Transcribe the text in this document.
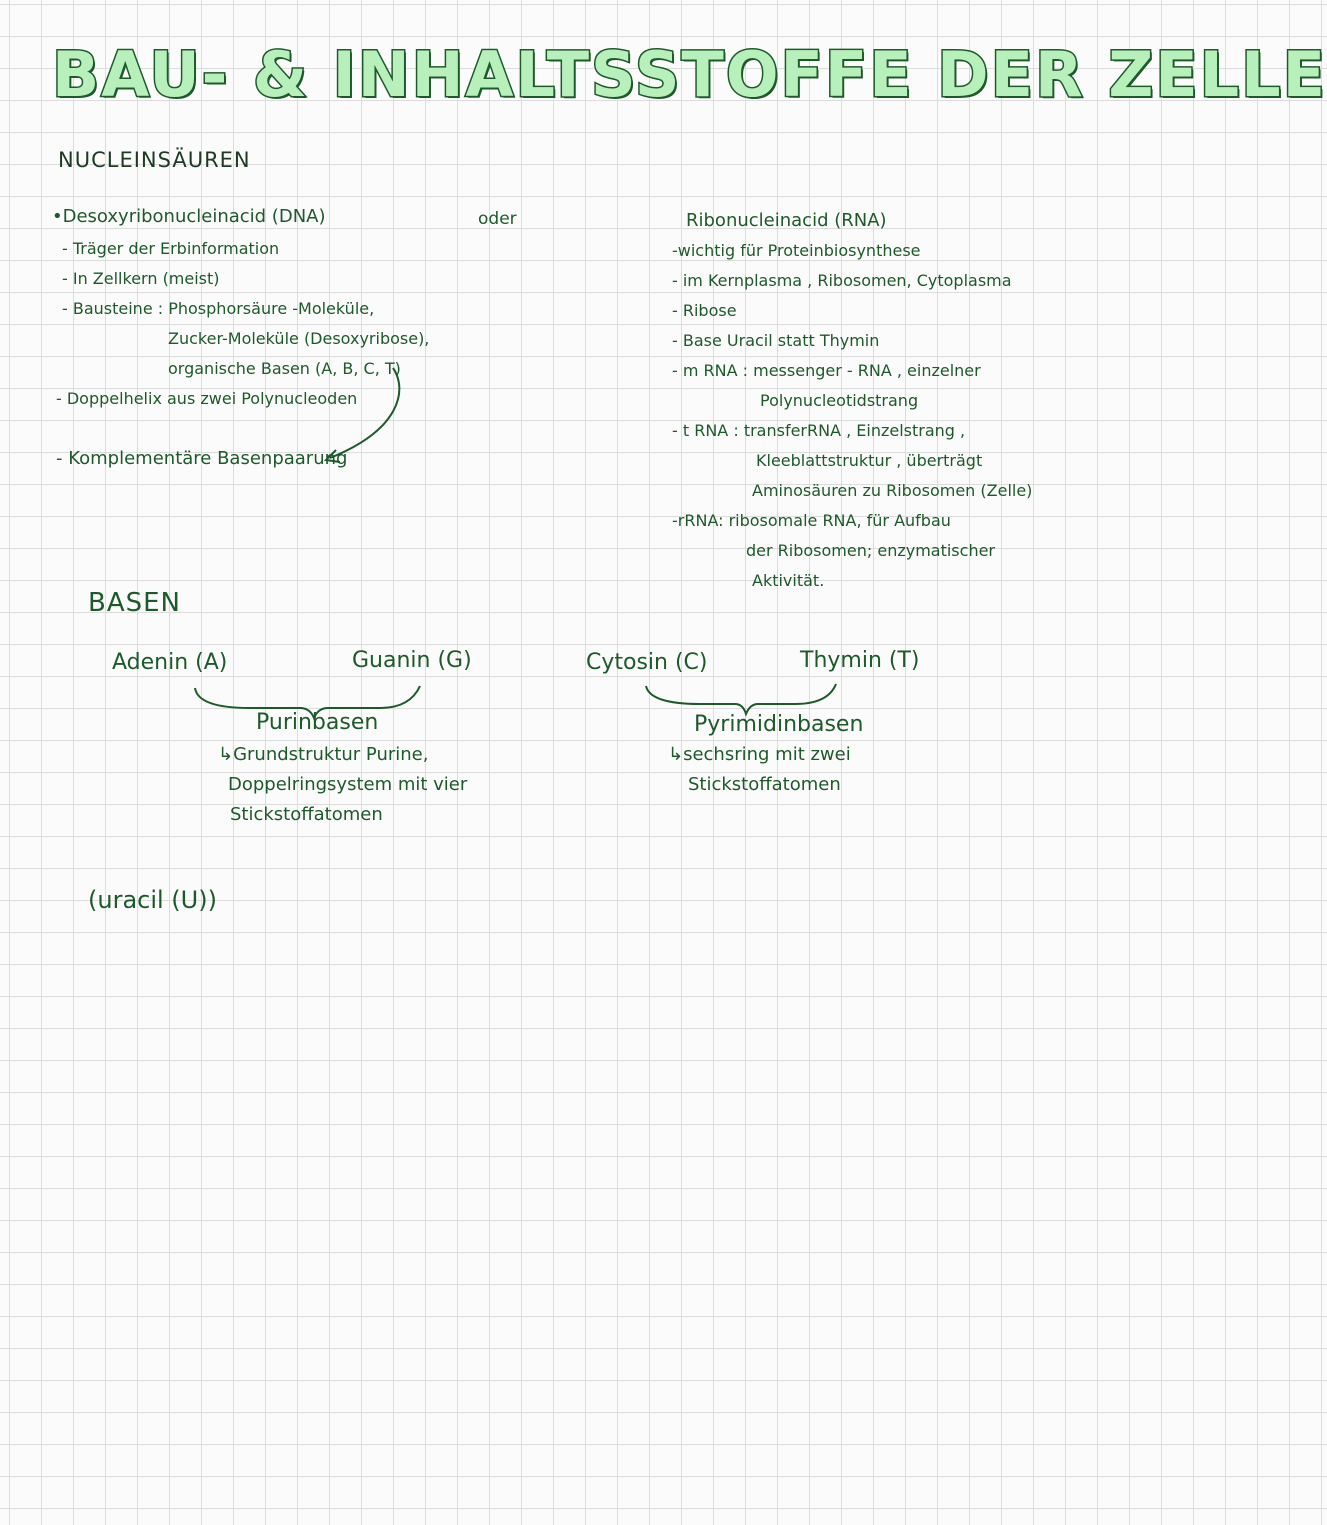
BAU- & INHALTSSTOFFE DER ZELLE
NUCLEINSÄUREN
•Desoxyribonucleinacid (DNA)
- Träger der Erbinformation
- In Zellkern (meist)
- Bausteine : Phosphorsäure -Moleküle,
Zucker-Moleküle (Desoxyribose),
organische Basen (A, B, C, T)
- Doppelhelix aus zwei Polynucleoden
- Komplementäre Basenpaarung
oder	Ribonucleinacid (RNA)
-wichtig für Proteinbiosynthese
- im Kernplasma , Ribosomen, Cytoplasma
- Ribose
- Base Uracil statt Thymin
- m RNA : messenger - RNA , einzelner
Polynucleotidstrang
- t RNA : transferRNA , Einzelstrang ,
Kleeblattstruktur , überträgt
Aminosäuren zu Ribosomen (Zelle)
-rRNA: ribosomale RNA, für Aufbau
der Ribosomen; enzymatischer
Aktivität.
BASEN
Adenin (A)	Guanin (G)	Cytosin (C)	Thymin (T)
Purinbasen
↳Grundstruktur Purine,
Doppelringsystem mit vier
Stickstoffatomen
Pyrimidinbasen
↳sechsring mit zwei
Stickstoffatomen
(uracil (U))
